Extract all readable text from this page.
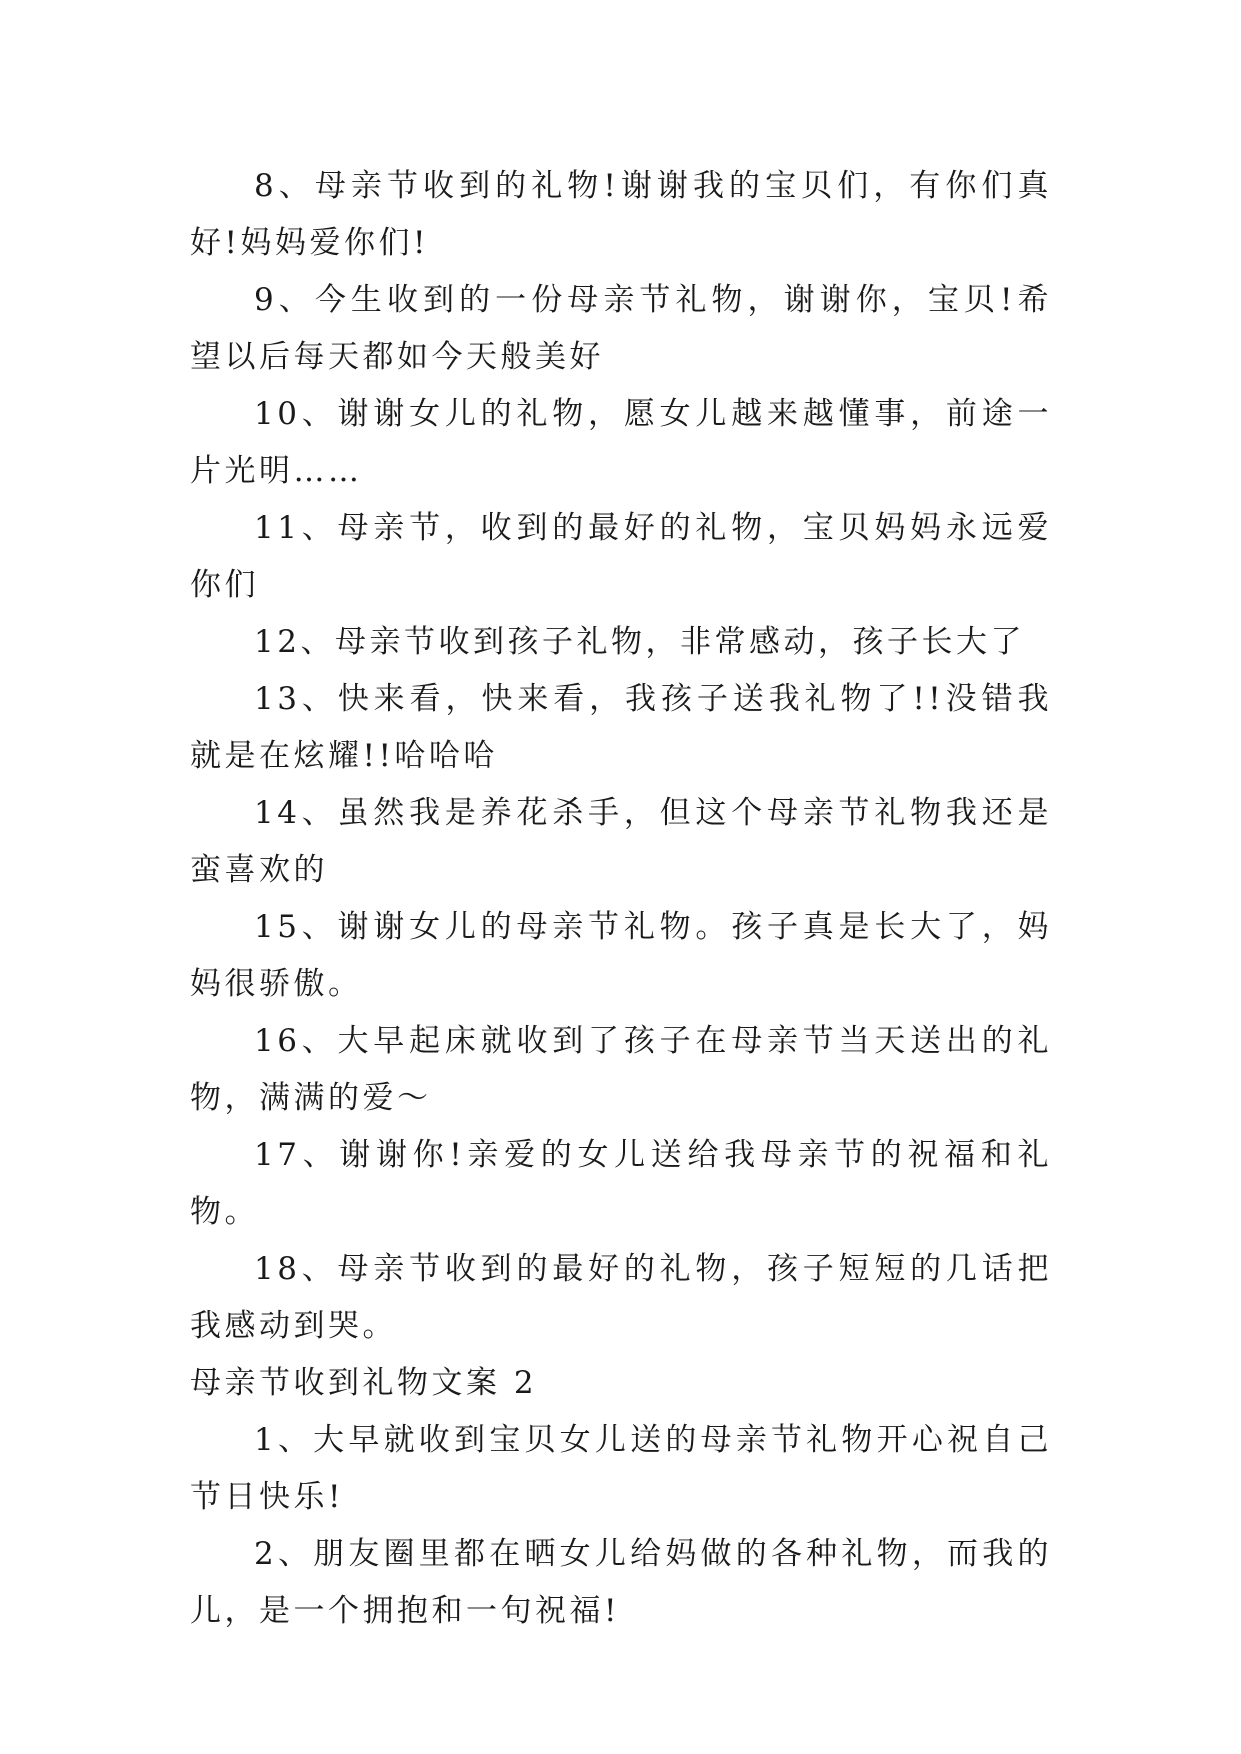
8、母亲节收到的礼物!谢谢我的宝贝们，有你们真好!妈妈爱你们!

9、今生收到的一份母亲节礼物，谢谢你，宝贝!希望以后每天都如今天般美好

10、谢谢女儿的礼物，愿女儿越来越懂事，前途一片光明……

11、母亲节，收到的最好的礼物，宝贝妈妈永远爱你们

12、母亲节收到孩子礼物，非常感动，孩子长大了

13、快来看，快来看，我孩子送我礼物了!!没错我就是在炫耀!!哈哈哈

14、虽然我是养花杀手，但这个母亲节礼物我还是蛮喜欢的

15、谢谢女儿的母亲节礼物。孩子真是长大了，妈妈很骄傲。

16、大早起床就收到了孩子在母亲节当天送出的礼物，满满的爱～

17、谢谢你!亲爱的女儿送给我母亲节的祝福和礼物。

18、母亲节收到的最好的礼物，孩子短短的几话把我感动到哭。

母亲节收到礼物文案 2

1、大早就收到宝贝女儿送的母亲节礼物开心祝自己节日快乐!

2、朋友圈里都在晒女儿给妈做的各种礼物，而我的儿，是一个拥抱和一句祝福!
